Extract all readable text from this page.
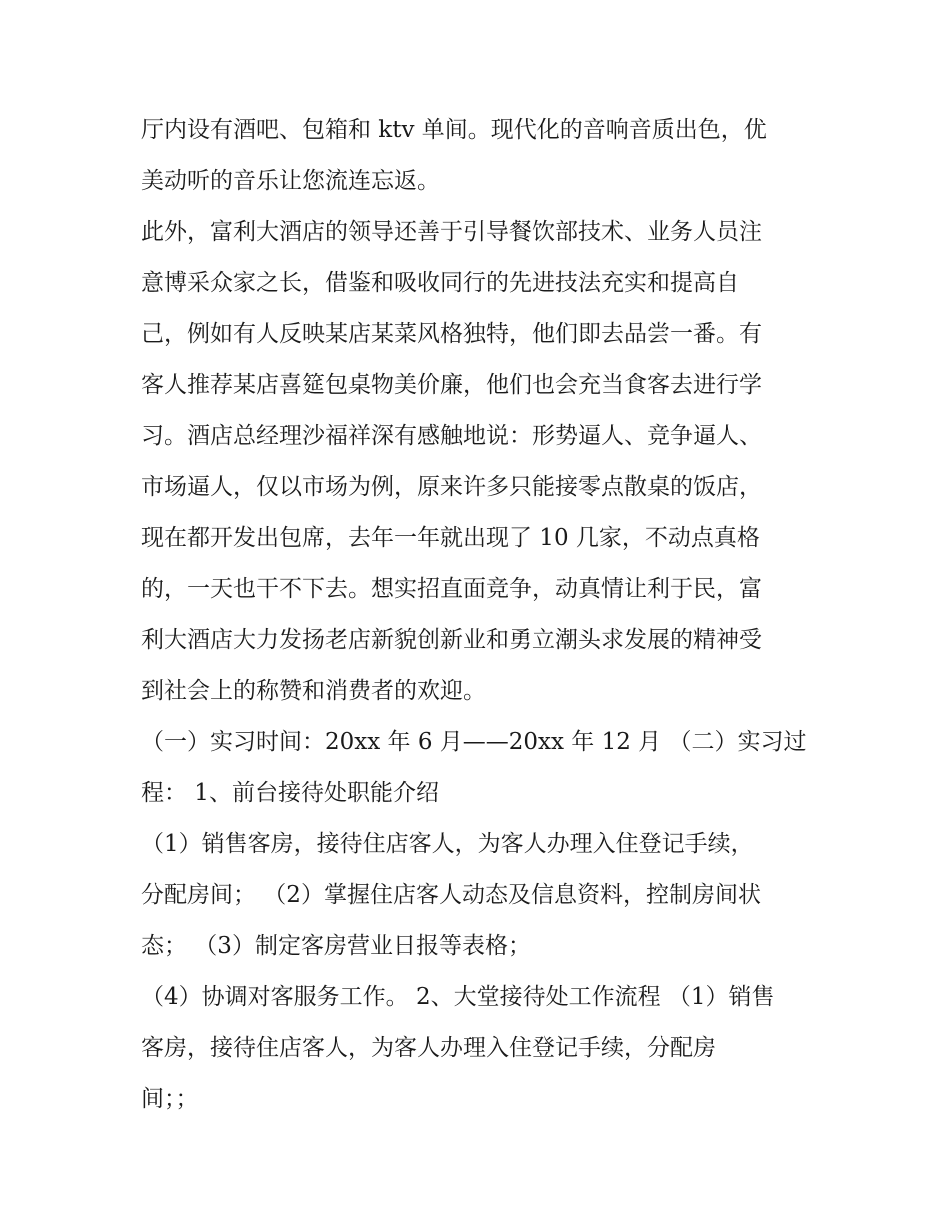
厅内设有酒吧、包箱和 ktv 单间。现代化的音响音质出色，优
美动听的音乐让您流连忘返。
此外，富利大酒店的领导还善于引导餐饮部技术、业务人员注
意博采众家之长，借鉴和吸收同行的先进技法充实和提高自
己，例如有人反映某店某菜风格独特，他们即去品尝一番。有
客人推荐某店喜筵包桌物美价廉，他们也会充当食客去进行学
习。酒店总经理沙福祥深有感触地说：形势逼人、竞争逼人、
市场逼人，仅以市场为例，原来许多只能接零点散桌的饭店，
现在都开发出包席，去年一年就出现了 10 几家，不动点真格
的，一天也干不下去。想实招直面竞争，动真情让利于民，富
利大酒店大力发扬老店新貌创新业和勇立潮头求发展的精神受
到社会上的称赞和消费者的欢迎。
（一）实习时间：20xx 年 6 月——20xx 年 12 月 （二）实习过
程： 1、前台接待处职能介绍
（1）销售客房，接待住店客人，为客人办理入住登记手续，
分配房间； （2）掌握住店客人动态及信息资料，控制房间状
态； （3）制定客房营业日报等表格；
（4）协调对客服务工作。 2、大堂接待处工作流程 （1）销售
客房，接待住店客人，为客人办理入住登记手续，分配房
间；；
